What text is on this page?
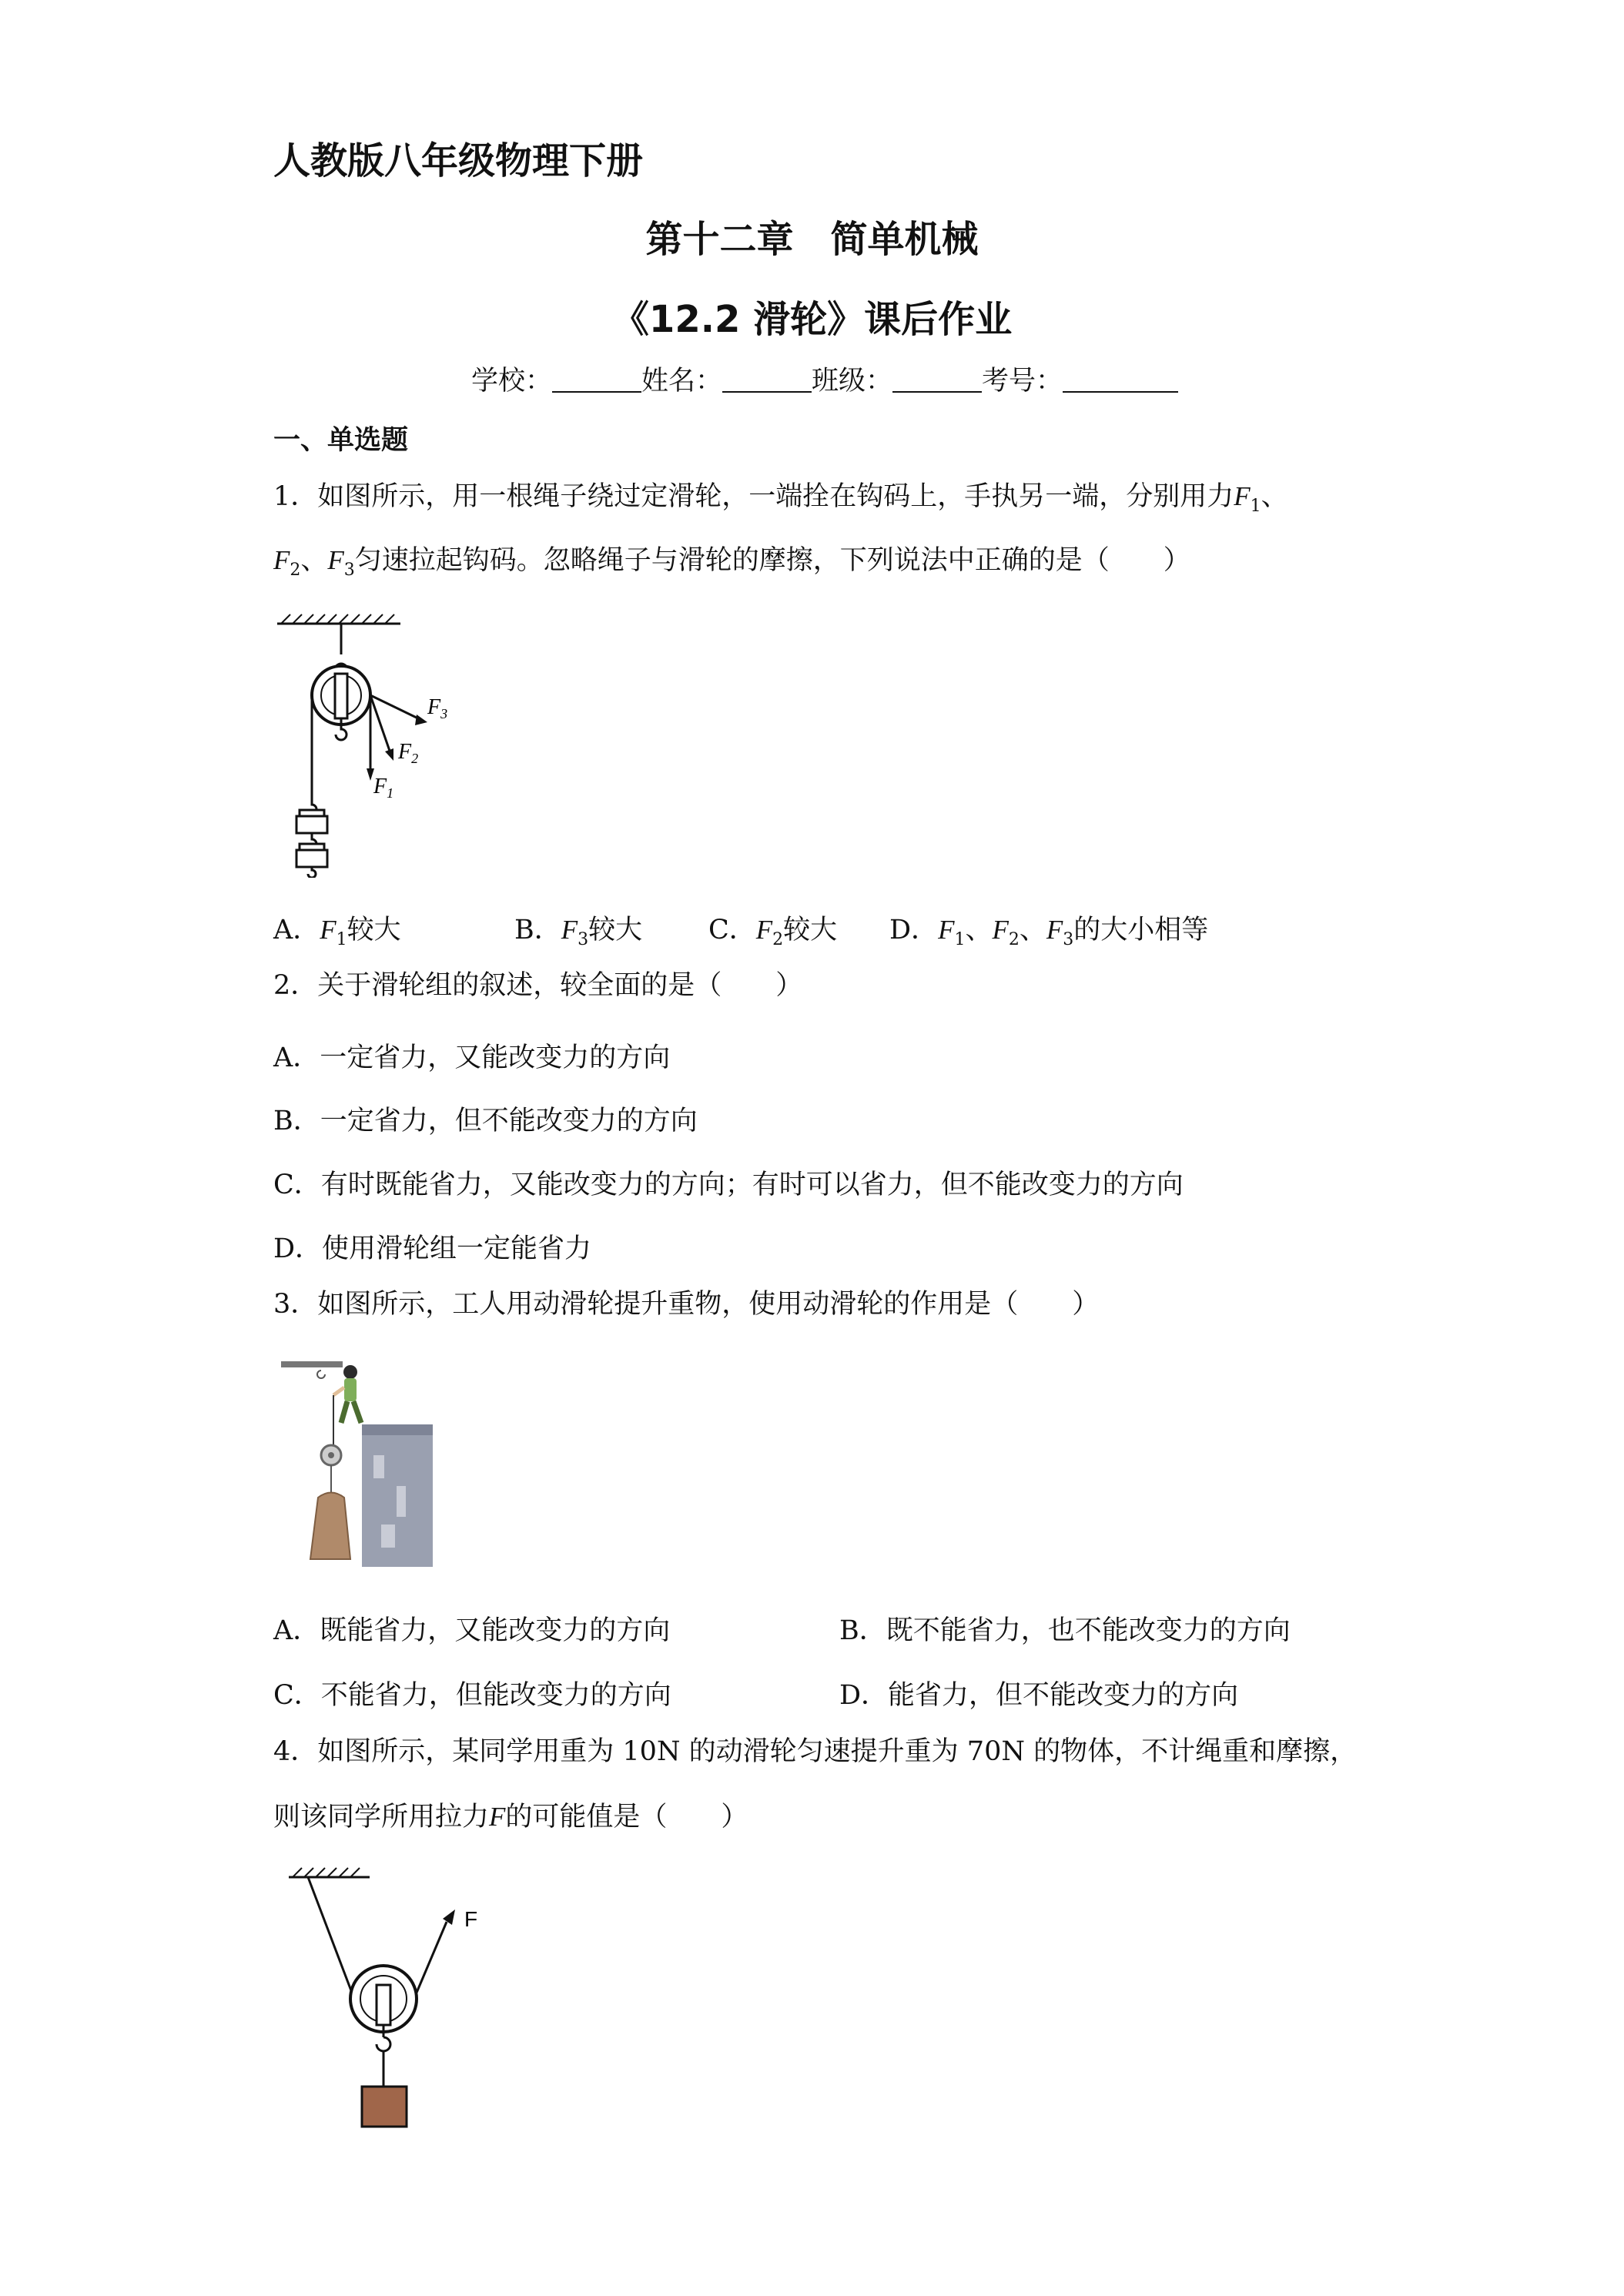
人教版八年级物理下册
第十二章　简单机械
《12.2 滑轮》课后作业
学校：	姓名：	班级：	考号：
一、单选题
1．如图所示，用一根绳子绕过定滑轮，一端拴在钩码上，手执另一端，分别用力$F_1$、
$F_2$、$F_3$匀速拉起钩码。忽略绳子与滑轮的摩擦，下列说法中正确的是（　　）
$F_3$
$F_2$
$F_1$
A．$F_1$较大	B．$F_3$较大 C．$F_2$较大 D．$F_1$、$F_2$、$F_3$的大小相等
2．关于滑轮组的叙述，较全面的是（　　）
A．一定省力，又能改变力的方向
B．一定省力，但不能改变力的方向
C．有时既能省力，又能改变力的方向；有时可以省力，但不能改变力的方向
D．使用滑轮组一定能省力
3．如图所示，工人用动滑轮提升重物，使用动滑轮的作用是（　　）
A．既能省力，又能改变力的方向	B．既不能省力，也不能改变力的方向
C．不能省力，但能改变力的方向	D．能省力，但不能改变力的方向
4．如图所示，某同学用重为 10N 的动滑轮匀速提升重为 70N 的物体，不计绳重和摩擦，
则该同学所用拉力F的可能值是（　　）
F
